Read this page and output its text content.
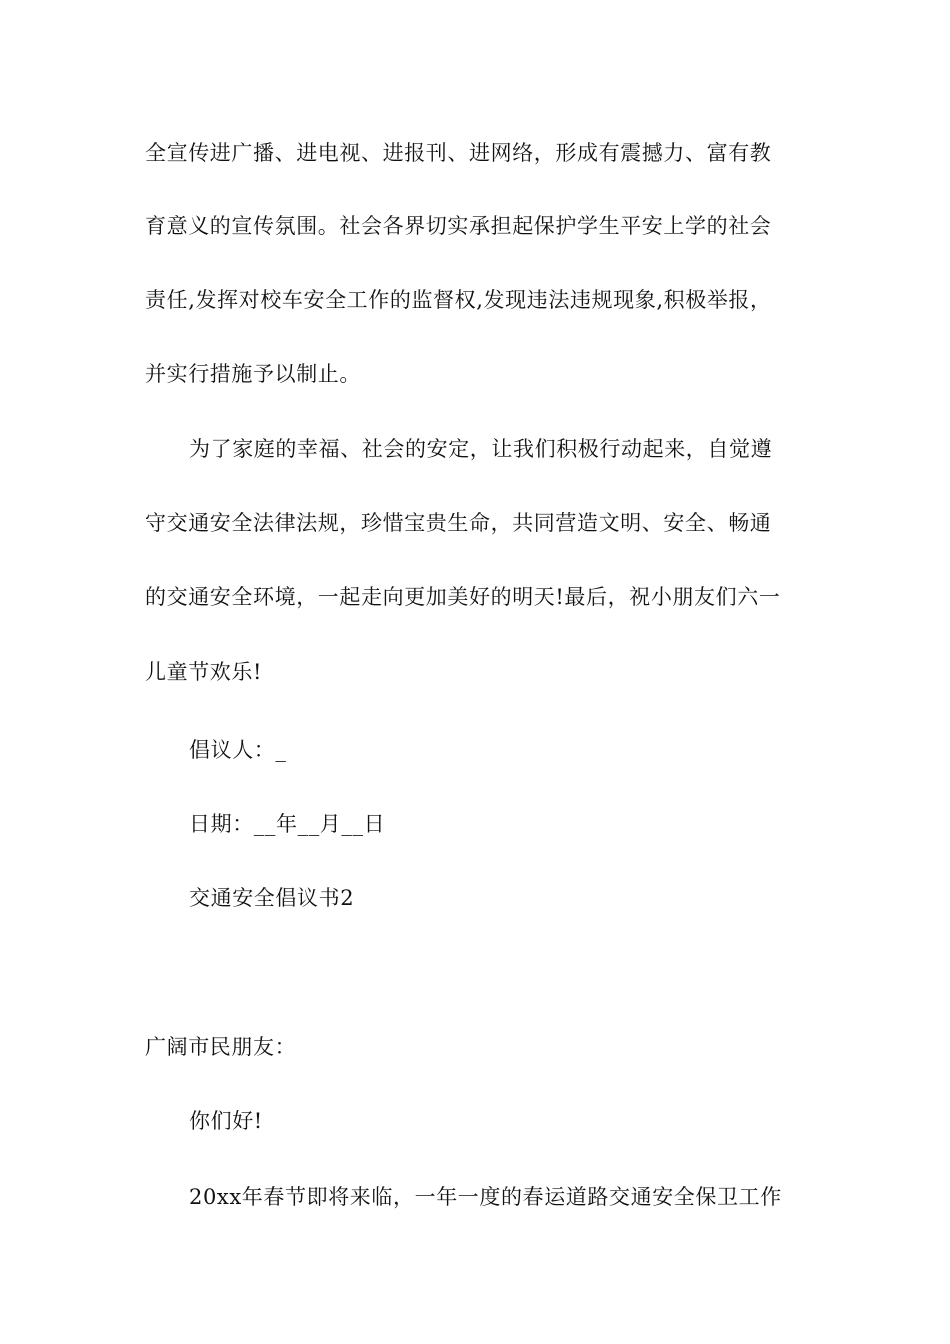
全宣传进广播、进电视、进报刊、进网络，形成有震撼力、富有教
育意义的宣传氛围。社会各界切实承担起保护学生平安上学的社会
责任,发挥对校车安全工作的监督权,发现违法违规现象,积极举报，
并实行措施予以制止。
为了家庭的幸福、社会的安定，让我们积极行动起来，自觉遵
守交通安全法律法规，珍惜宝贵生命，共同营造文明、安全、畅通
的交通安全环境，一起走向更加美好的明天!最后，祝小朋友们六一
儿童节欢乐!
倡议人：_
日期：__年__月__日
交通安全倡议书2
广阔市民朋友：
你们好!
20xx年春节即将来临，一年一度的春运道路交通安全保卫工作
